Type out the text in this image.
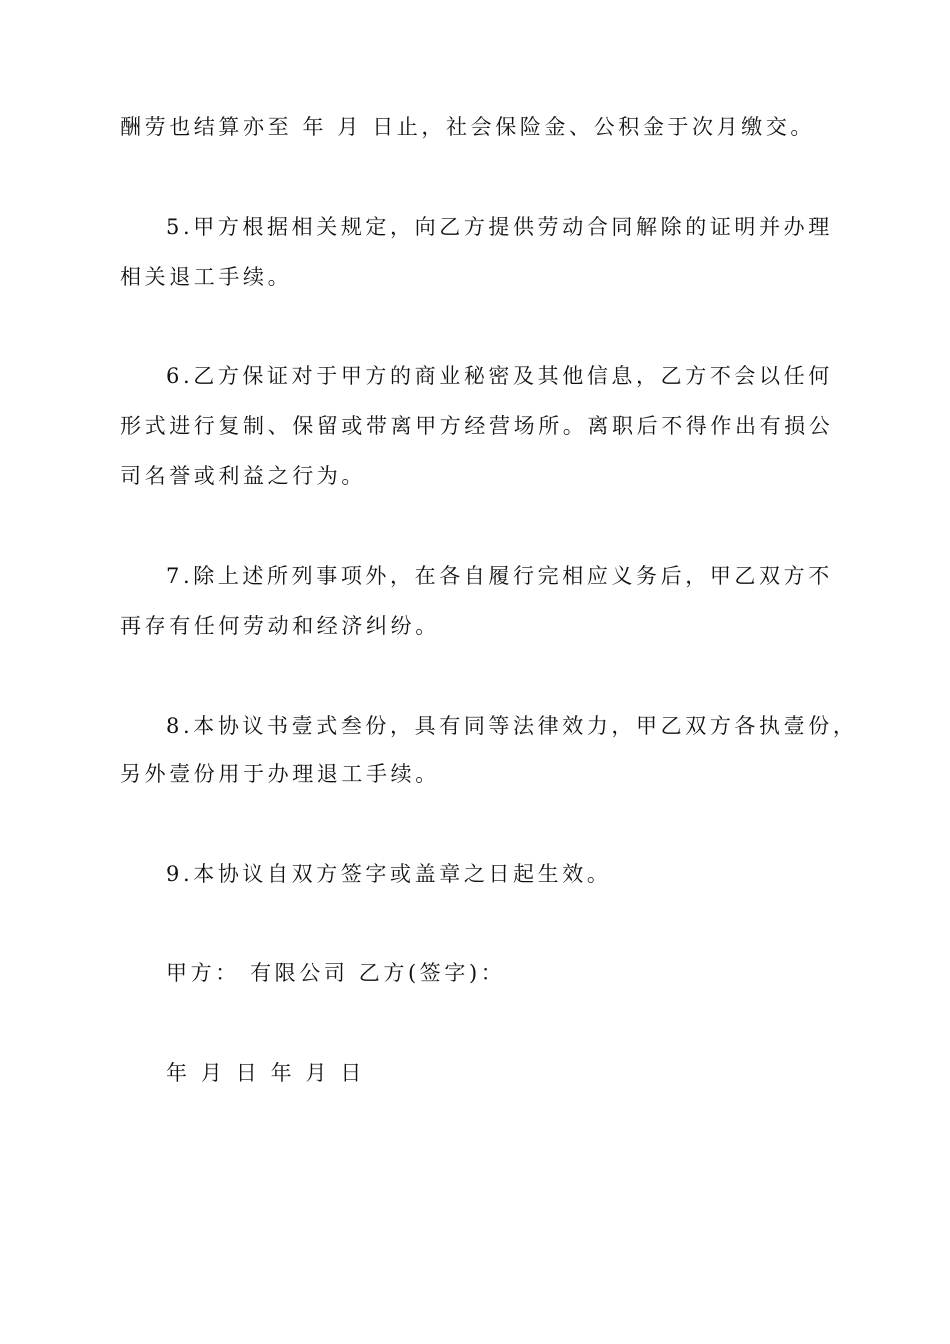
酬劳也结算亦至 年 月 日止，社会保险金、公积金于次月缴交。
5.甲方根据相关规定，向乙方提供劳动合同解除的证明并办理
相关退工手续。
6.乙方保证对于甲方的商业秘密及其他信息，乙方不会以任何
形式进行复制、保留或带离甲方经营场所。离职后不得作出有损公
司名誉或利益之行为。
7.除上述所列事项外，在各自履行完相应义务后，甲乙双方不
再存有任何劳动和经济纠纷。
8.本协议书壹式叁份，具有同等法律效力，甲乙双方各执壹份，
另外壹份用于办理退工手续。
9.本协议自双方签字或盖章之日起生效。
甲方： 有限公司 乙方(签字)：
年 月 日 年 月 日
